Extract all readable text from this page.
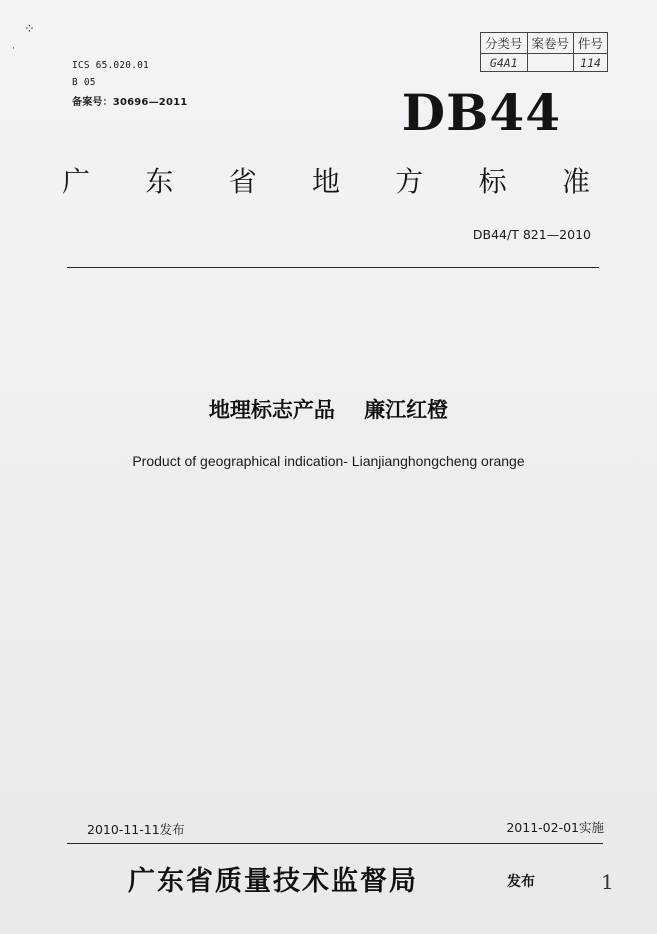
⁘
·
ICS 65.020.01
B 05
备案号：30696—2011
分类号	案卷号	件号
G4A1		114
DB44
广 东 省 地 方 标 准
DB44/T 821—2010
地理标志产品    廉江红橙
Product of geographical indication- Lianjianghongcheng orange
2010-11-11发布	2011-02-01实施
广东省质量技术监督局	发布	1
